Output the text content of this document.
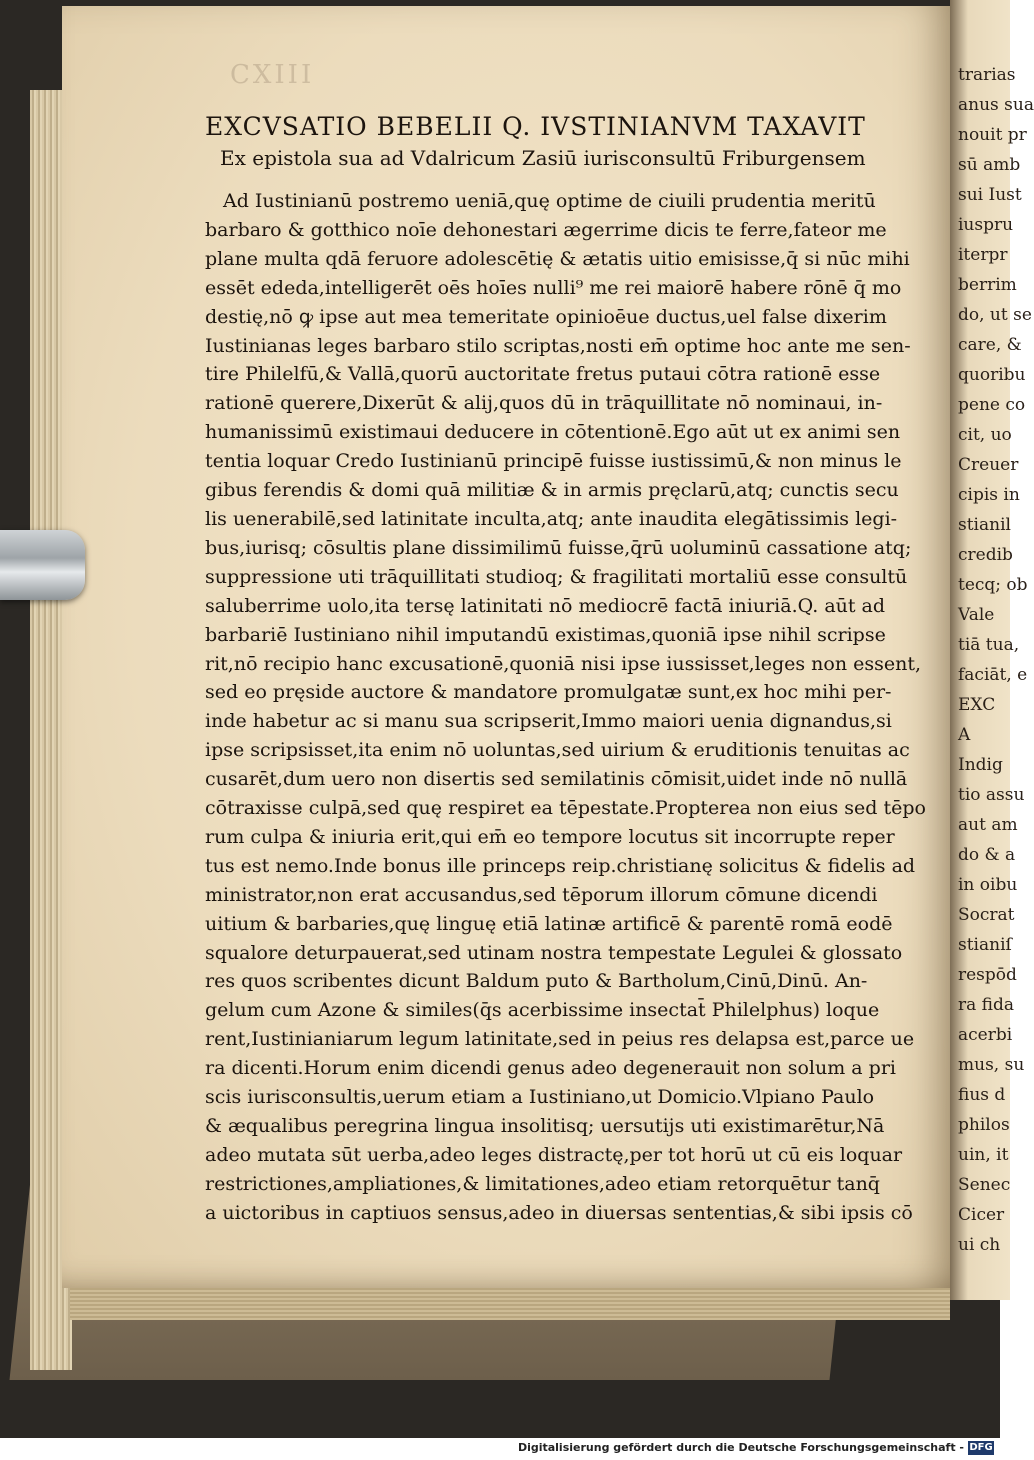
trarias
anus sua
nouit pr
sū amb
sui Iust
iuspru
iterpr
berrim
do, ut se
care, &
quoribu
pene co
cit, uo
Creuer
cipis in
stianil
credib
tecq; ob
Vale
tiā tua,
faciāt, e
EXC
A
Indig
tio assu
aut am
do & a
in oibu
Socrat
stianiſ
respōd
ra fida
acerbi
mus, su
fius d
philos
uin, it
Senec
Cicer
ui ch
CXIII
EXCVSATIO BEBELII Q. IVSTINIANVM TAXAVIT
Ex epistola sua ad Vdalricum Zasiū iurisconsultū Friburgensem
Ad Iustinianū postremo ueniā,quę optime de ciuili prudentia meritū
barbaro & gotthico noīe dehonestari ægerrime dicis te ferre,fateor me
plane multa qdā feruore adolescētię & ætatis uitio emisisse,q̄ si nūc mihi
essēt ededa,intelligerēt oēs hoīes nulli⁹ me rei maiorē habere rōnē q̄ mo
destię,nō ꝙ ipse aut mea temeritate opinioēue ductus,uel false dixerim
Iustinianas leges barbaro stilo scriptas,nosti em̄ optime hoc ante me sen-
tire Philelfū,& Vallā,quorū auctoritate fretus putaui cōtra rationē esse
rationē querere,Dixerūt & alij,quos dū in trāquillitate nō nominaui, in-
humanissimū existimaui deducere in cōtentionē.Ego aūt ut ex animi sen
tentia loquar Credo Iustinianū principē fuisse iustissimū,& non minus le
gibus ferendis & domi quā militiæ & in armis pręclarū,atq; cunctis secu
lis uenerabilē,sed latinitate inculta,atq; ante inaudita elegātissimis legi-
bus,iurisq; cōsultis plane dissimilimū fuisse,q̄rū uoluminū cassatione atq;
suppressione uti trāquillitati studioq; & fragilitati mortaliū esse consultū
saluberrime uolo,ita tersę latinitati nō mediocrē factā iniuriā.Q. aūt ad
barbariē Iustiniano nihil imputandū existimas,quoniā ipse nihil scripse
rit,nō recipio hanc excusationē,quoniā nisi ipse iussisset,leges non essent,
sed eo pręside auctore & mandatore promulgatæ sunt,ex hoc mihi per-
inde habetur ac si manu sua scripserit,Immo maiori uenia dignandus,si
ipse scripsisset,ita enim nō uoluntas,sed uirium & eruditionis tenuitas ac
cusarēt,dum uero non disertis sed semilatinis cōmisit,uidet inde nō nullā
cōtraxisse culpā,sed quę respiret ea tēpestate.Propterea non eius sed tēpo
rum culpa & iniuria erit,qui em̄ eo tempore locutus sit incorrupte reper
tus est nemo.Inde bonus ille princeps reip.christianę solicitus & fidelis ad
ministrator,non erat accusandus,sed tēporum illorum cōmune dicendi
uitium & barbaries,quę linguę etiā latinæ artificē & parentē romā eodē
squalore deturpauerat,sed utinam nostra tempestate Legulei & glossato
res quos scribentes dicunt Baldum puto & Bartholum,Cinū,Dinū. An-
gelum cum Azone & similes(q̄s acerbissime insectat̄ Philelphus) loque
rent,Iustinianiarum legum latinitate,sed in peius res delapsa est,parce ue
ra dicenti.Horum enim dicendi genus adeo degenerauit non solum a pri
scis iurisconsultis,uerum etiam a Iustiniano,ut Domicio.Vlpiano Paulo
& æqualibus peregrina lingua insolitisq; uersutijs uti existimarētur,Nā
adeo mutata sūt uerba,adeo leges distractę,per tot horū ut cū eis loquar
restrictiones,ampliationes,& limitationes,adeo etiam retorquētur tanq̄
a uictoribus in captiuos sensus,adeo in diuersas sententias,& sibi ipsis cō
Digitalisierung gefördert durch die Deutsche Forschungsgemeinschaft - DFG
